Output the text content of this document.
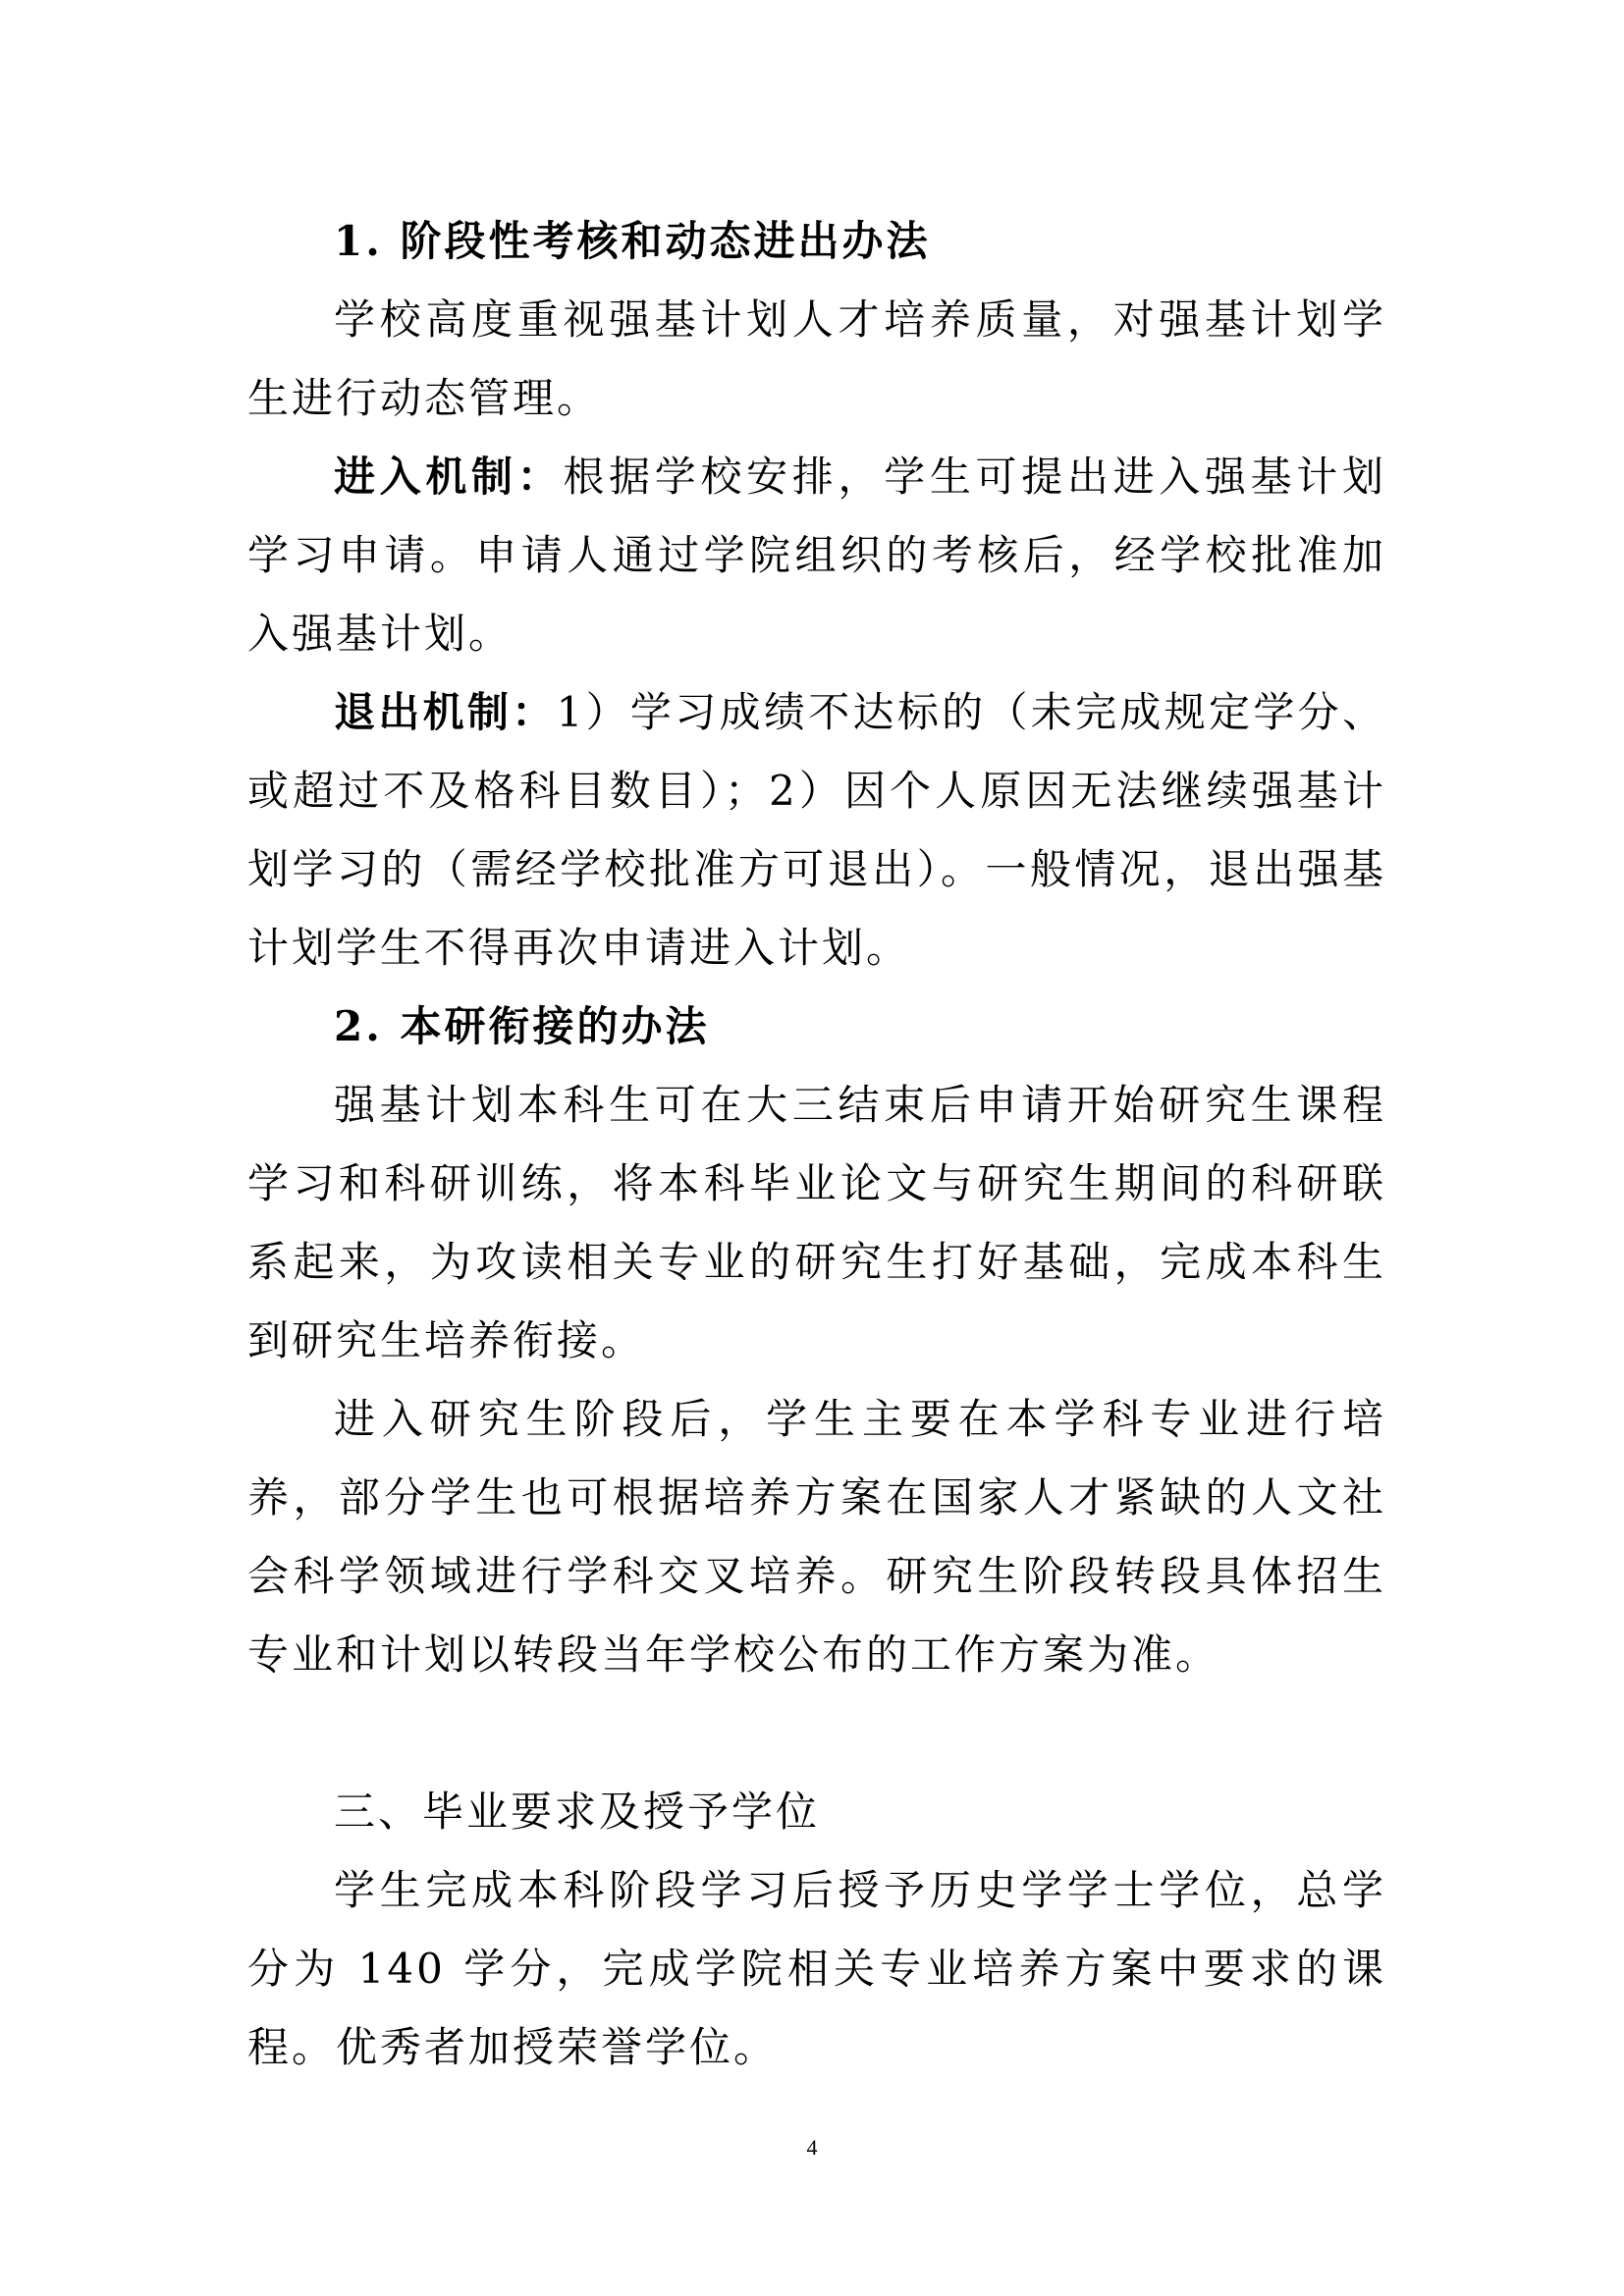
1. 阶段性考核和动态进出办法

学校高度重视强基计划人才培养质量，对强基计划学生进行动态管理。

进入机制：根据学校安排，学生可提出进入强基计划学习申请。申请人通过学院组织的考核后，经学校批准加入强基计划。

退出机制：1）学习成绩不达标的（未完成规定学分、或超过不及格科目数目）；2）因个人原因无法继续强基计划学习的（需经学校批准方可退出）。一般情况，退出强基计划学生不得再次申请进入计划。

2. 本研衔接的办法

强基计划本科生可在大三结束后申请开始研究生课程学习和科研训练，将本科毕业论文与研究生期间的科研联系起来，为攻读相关专业的研究生打好基础，完成本科生到研究生培养衔接。

进入研究生阶段后，学生主要在本学科专业进行培养，部分学生也可根据培养方案在国家人才紧缺的人文社会科学领域进行学科交叉培养。研究生阶段转段具体招生专业和计划以转段当年学校公布的工作方案为准。

三、毕业要求及授予学位

学生完成本科阶段学习后授予历史学学士学位，总学分为 140 学分，完成学院相关专业培养方案中要求的课程。优秀者加授荣誉学位。

4
